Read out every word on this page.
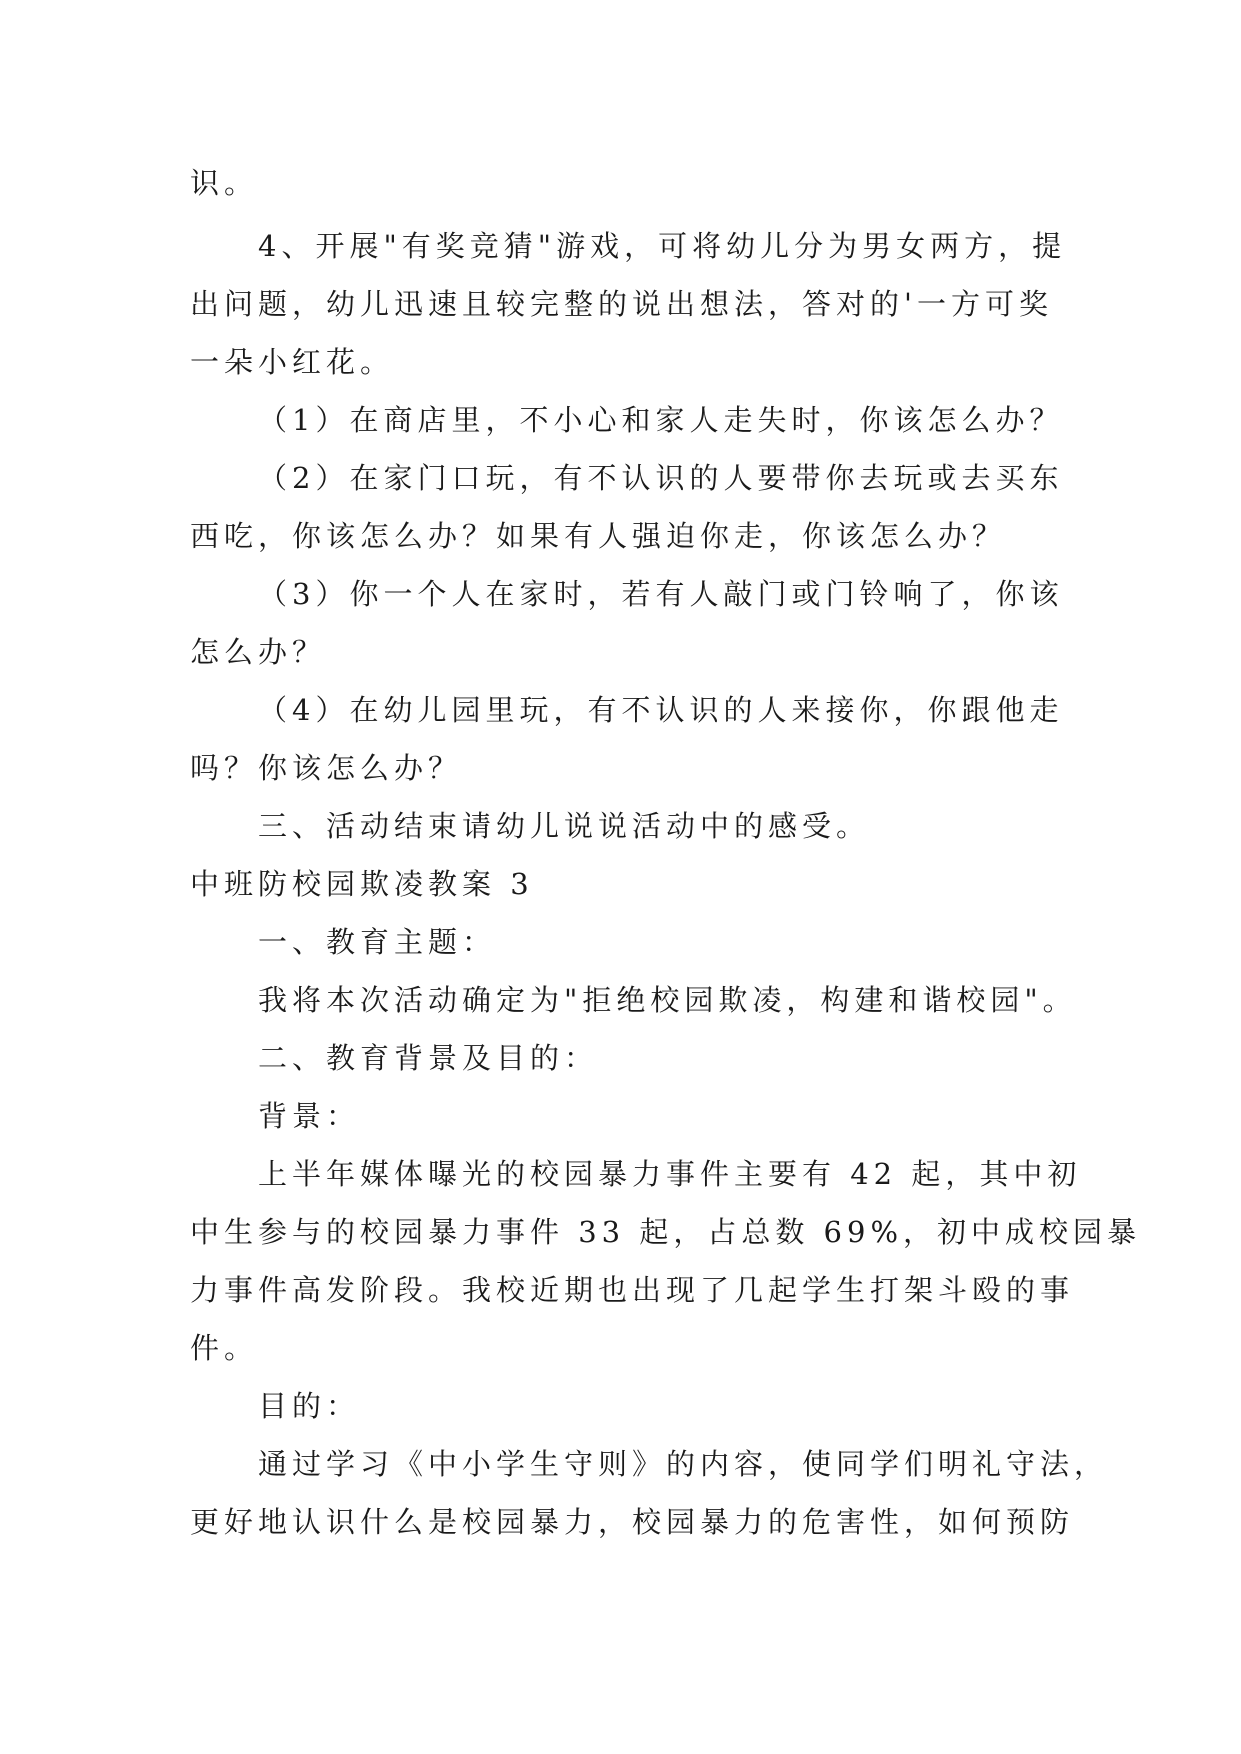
识。
4、开展"有奖竞猜"游戏，可将幼儿分为男女两方，提
出问题，幼儿迅速且较完整的说出想法，答对的'一方可奖
一朵小红花。
（1）在商店里，不小心和家人走失时，你该怎么办？
（2）在家门口玩，有不认识的人要带你去玩或去买东
西吃，你该怎么办？如果有人强迫你走，你该怎么办？
（3）你一个人在家时，若有人敲门或门铃响了，你该
怎么办？
（4）在幼儿园里玩，有不认识的人来接你，你跟他走
吗？你该怎么办？
三、活动结束请幼儿说说活动中的感受。
中班防校园欺凌教案 3
一、教育主题：
我将本次活动确定为"拒绝校园欺凌，构建和谐校园"。
二、教育背景及目的：
背景：
上半年媒体曝光的校园暴力事件主要有 42 起，其中初
中生参与的校园暴力事件 33 起，占总数 69%，初中成校园暴
力事件高发阶段。我校近期也出现了几起学生打架斗殴的事
件。
目的：
通过学习《中小学生守则》的内容，使同学们明礼守法，
更好地认识什么是校园暴力，校园暴力的危害性，如何预防
